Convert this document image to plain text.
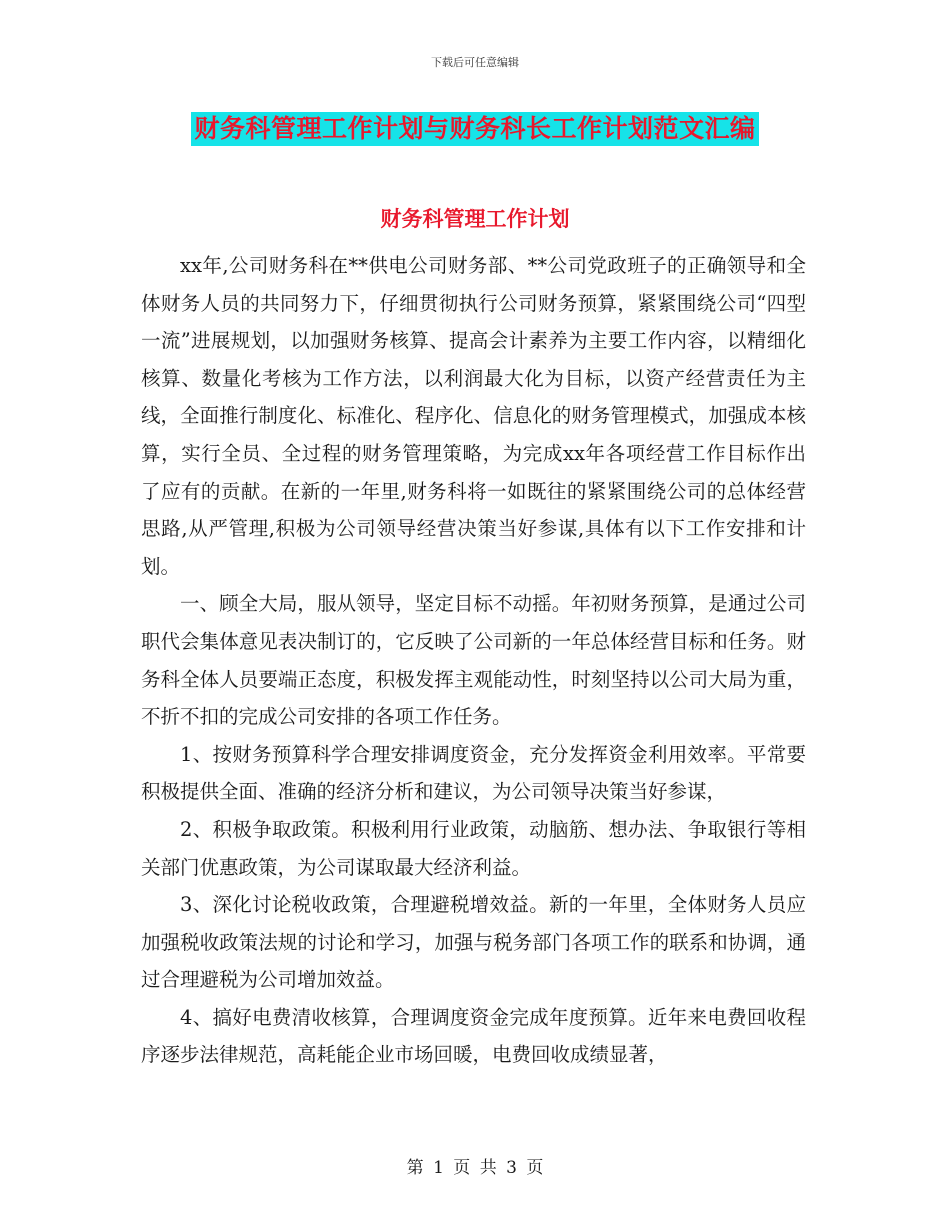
下载后可任意编辑
财务科管理工作计划与财务科长工作计划范文汇编
财务科管理工作计划

xx年,公司财务科在**供电公司财务部、**公司党政班子的正确领导和全体财务人员的共同努力下，仔细贯彻执行公司财务预算，紧紧围绕公司“四型一流”进展规划，以加强财务核算、提高会计素养为主要工作内容，以精细化核算、数量化考核为工作方法，以利润最大化为目标，以资产经营责任为主线，全面推行制度化、标准化、程序化、信息化的财务管理模式，加强成本核算，实行全员、全过程的财务管理策略，为完成xx年各项经营工作目标作出了应有的贡献。在新的一年里,财务科将一如既往的紧紧围绕公司的总体经营思路,从严管理,积极为公司领导经营决策当好参谋,具体有以下工作安排和计划。

一、顾全大局，服从领导，坚定目标不动摇。年初财务预算，是通过公司职代会集体意见表决制订的，它反映了公司新的一年总体经营目标和任务。财务科全体人员要端正态度，积极发挥主观能动性，时刻坚持以公司大局为重，不折不扣的完成公司安排的各项工作任务。

1、按财务预算科学合理安排调度资金，充分发挥资金利用效率。平常要积极提供全面、准确的经济分析和建议，为公司领导决策当好参谋，

2、积极争取政策。积极利用行业政策，动脑筋、想办法、争取银行等相关部门优惠政策，为公司谋取最大经济利益。

3、深化讨论税收政策，合理避税增效益。新的一年里，全体财务人员应加强税收政策法规的讨论和学习，加强与税务部门各项工作的联系和协调，通过合理避税为公司增加效益。

4、搞好电费清收核算，合理调度资金完成年度预算。近年来电费回收程序逐步法律规范，高耗能企业市场回暖，电费回收成绩显著，

第 1 页 共 3 页
